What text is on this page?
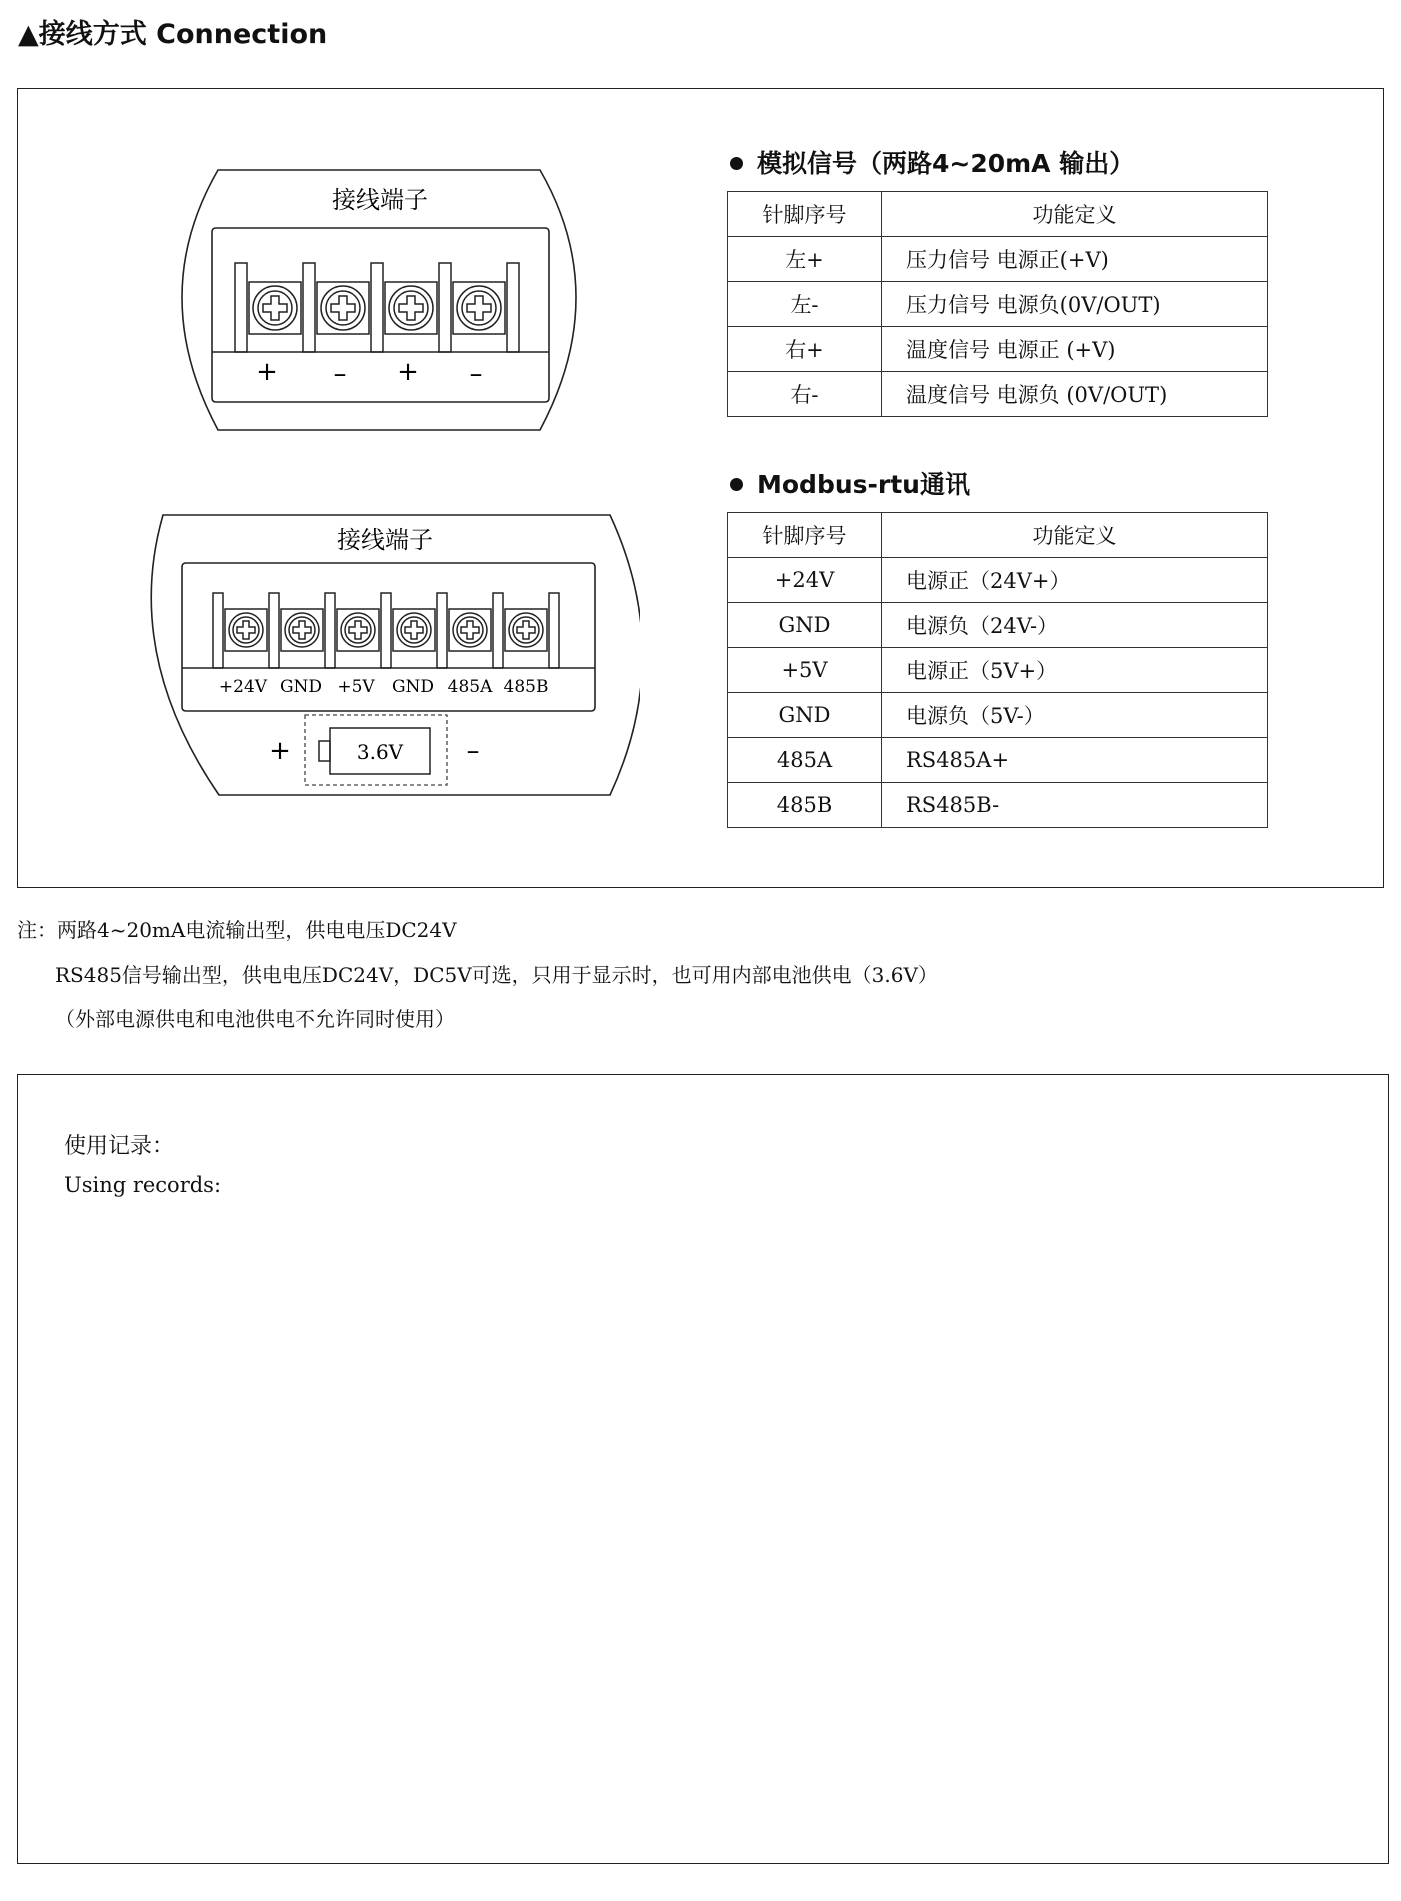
▲接线方式 Connection
接线端子
+ – + –
接线端子
+24V GND +5V GND 485A 485B
3.6V
+	–
模拟信号（两路4~20mA 输出）
针脚序号	功能定义
左+	压力信号 电源正(+V)
左-	压力信号 电源负(0V/OUT)
右+	温度信号 电源正 (+V)
右-	温度信号 电源负 (0V/OUT)
Modbus-rtu通讯
针脚序号	功能定义
+24V	电源正（24V+）
GND	电源负（24V-）
+5V	电源正（5V+）
GND	电源负（5V-）
485A	RS485A+
485B	RS485B-
注：两路4~20mA电流输出型，供电电压DC24V
RS485信号输出型，供电电压DC24V，DC5V可选，只用于显示时，也可用内部电池供电（3.6V）
（外部电源供电和电池供电不允许同时使用）
使用记录：
Using records:
